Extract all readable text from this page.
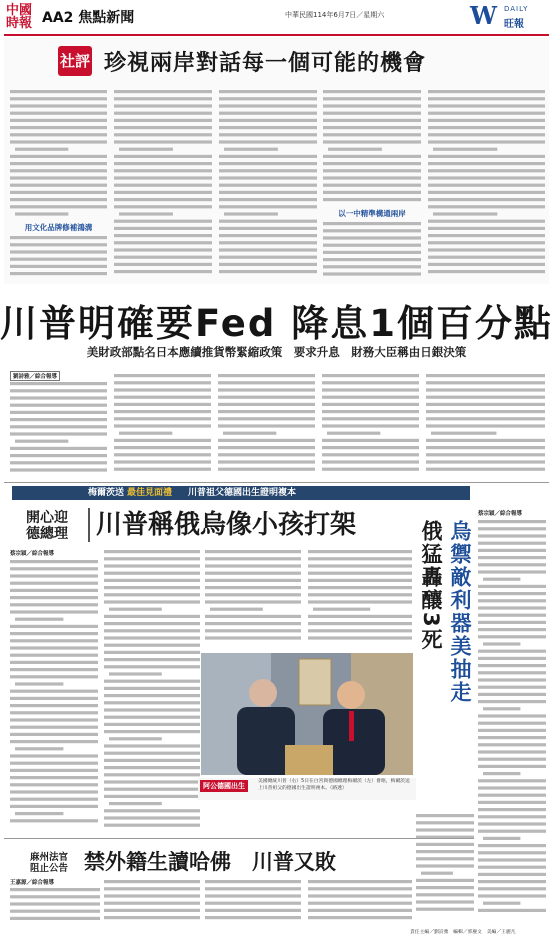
中國
時報 AA2 焦點新聞	中華民國114年6月7日／星期六	W DAILY
旺報
社評 珍視兩岸對話每一個可能的機會
用文化品牌修補鴻溝
以一中精準構通兩岸
川普明確要Fed 降息1個百分點
美財政部點名日本應續推貨幣緊縮政策　要求升息　財務大臣稱由日銀決策
劉詩雅／綜合報導
梅爾茨送 最佳見面禮 川普祖父德國出生證明複本
開心迎
德總理 川普稱俄烏像小孩打架
蔡宗穎／綜合報導
阿公德國出生
美國總統川普（右）5日在白宮與德國總理梅爾茨（左）會晤，梅爾茨送上川普祖父的德國出生證明複本。（路透）
俄猛轟釀3死 烏禦敵利器美抽走
蔡宗穎／綜合報導
麻州法官
阻止公告 禁外籍生讀哈佛　川普又敗
王嘉源／綜合報導
責任主編／劉詩雅　編輯／郭慶文　美編／王麗凡
